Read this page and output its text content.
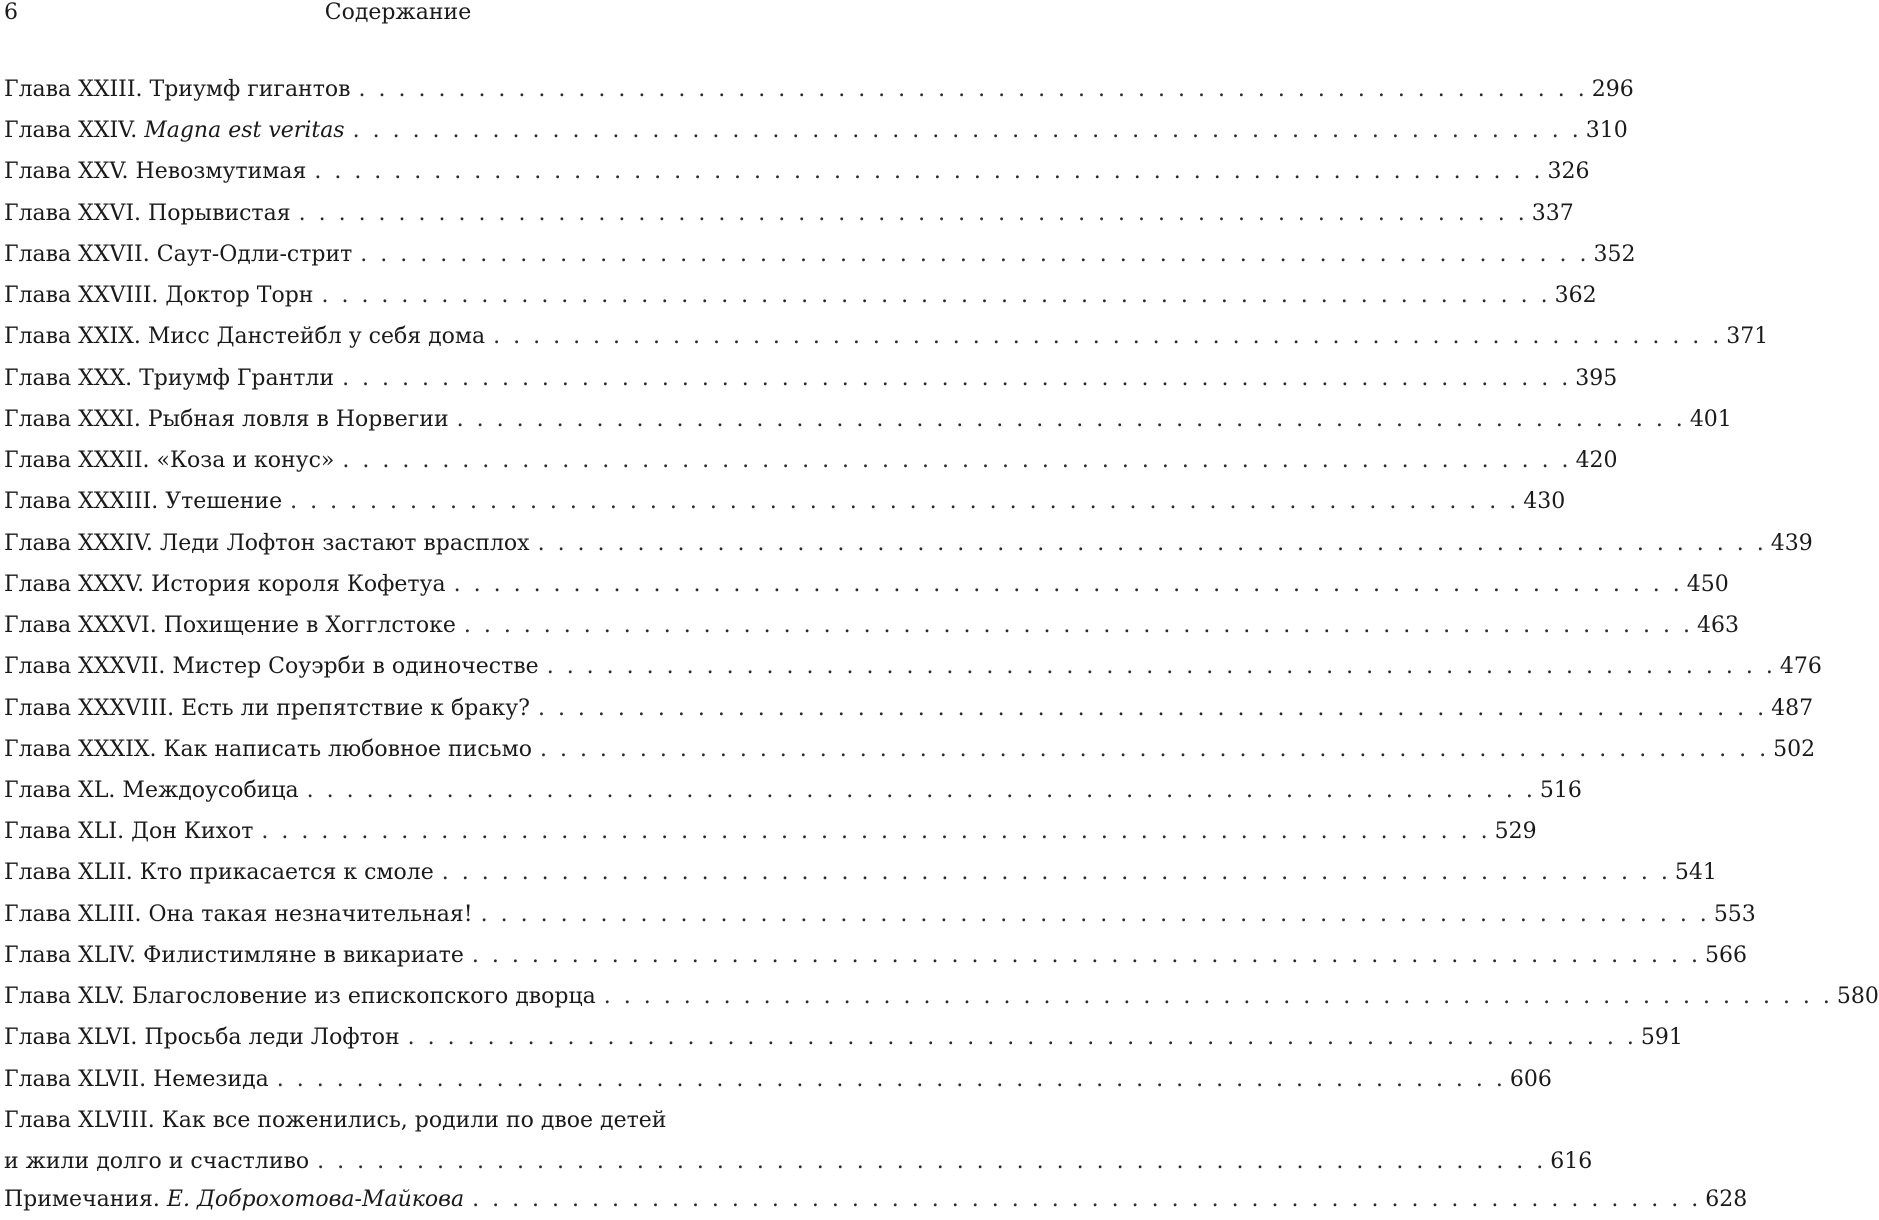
6	Содержание
Глава XXIII. Триумф гигантов . . . . . . . . . . . . . . . . . . . . . . . . . . . . . . . . . . . . . . . . . . . . . . . . . . . . . . . . . . . . . . 296
Глава XXIV. Magna est veritas . . . . . . . . . . . . . . . . . . . . . . . . . . . . . . . . . . . . . . . . . . . . . . . . . . . . . . . . . . . . . . 310
Глава XXV. Невозмутимая . . . . . . . . . . . . . . . . . . . . . . . . . . . . . . . . . . . . . . . . . . . . . . . . . . . . . . . . . . . . . . 326
Глава XXVI. Порывистая . . . . . . . . . . . . . . . . . . . . . . . . . . . . . . . . . . . . . . . . . . . . . . . . . . . . . . . . . . . . . . 337
Глава XXVII. Саут-Одли-стрит . . . . . . . . . . . . . . . . . . . . . . . . . . . . . . . . . . . . . . . . . . . . . . . . . . . . . . . . . . . . . . 352
Глава XXVIII. Доктор Торн . . . . . . . . . . . . . . . . . . . . . . . . . . . . . . . . . . . . . . . . . . . . . . . . . . . . . . . . . . . . . . 362
Глава XXIX. Мисс Данстейбл у себя дома . . . . . . . . . . . . . . . . . . . . . . . . . . . . . . . . . . . . . . . . . . . . . . . . . . . . . . . . . . . . . . 371
Глава XXX. Триумф Грантли . . . . . . . . . . . . . . . . . . . . . . . . . . . . . . . . . . . . . . . . . . . . . . . . . . . . . . . . . . . . . . 395
Глава XXXI. Рыбная ловля в Норвегии . . . . . . . . . . . . . . . . . . . . . . . . . . . . . . . . . . . . . . . . . . . . . . . . . . . . . . . . . . . . . . 401
Глава XXXII. «Коза и конус» . . . . . . . . . . . . . . . . . . . . . . . . . . . . . . . . . . . . . . . . . . . . . . . . . . . . . . . . . . . . . . 420
Глава XXXIII. Утешение . . . . . . . . . . . . . . . . . . . . . . . . . . . . . . . . . . . . . . . . . . . . . . . . . . . . . . . . . . . . . . 430
Глава XXXIV. Леди Лофтон застают врасплох . . . . . . . . . . . . . . . . . . . . . . . . . . . . . . . . . . . . . . . . . . . . . . . . . . . . . . . . . . . . . . 439
Глава XXXV. История короля Кофетуа . . . . . . . . . . . . . . . . . . . . . . . . . . . . . . . . . . . . . . . . . . . . . . . . . . . . . . . . . . . . . . 450
Глава XXXVI. Похищение в Хогглстоке . . . . . . . . . . . . . . . . . . . . . . . . . . . . . . . . . . . . . . . . . . . . . . . . . . . . . . . . . . . . . . 463
Глава XXXVII. Мистер Соуэрби в одиночестве . . . . . . . . . . . . . . . . . . . . . . . . . . . . . . . . . . . . . . . . . . . . . . . . . . . . . . . . . . . . . . 476
Глава XXXVIII. Есть ли препятствие к браку? . . . . . . . . . . . . . . . . . . . . . . . . . . . . . . . . . . . . . . . . . . . . . . . . . . . . . . . . . . . . . . 487
Глава XXXIX. Как написать любовное письмо . . . . . . . . . . . . . . . . . . . . . . . . . . . . . . . . . . . . . . . . . . . . . . . . . . . . . . . . . . . . . . 502
Глава XL. Междоусобица . . . . . . . . . . . . . . . . . . . . . . . . . . . . . . . . . . . . . . . . . . . . . . . . . . . . . . . . . . . . . . 516
Глава XLI. Дон Кихот . . . . . . . . . . . . . . . . . . . . . . . . . . . . . . . . . . . . . . . . . . . . . . . . . . . . . . . . . . . . . . 529
Глава XLII. Кто прикасается к смоле . . . . . . . . . . . . . . . . . . . . . . . . . . . . . . . . . . . . . . . . . . . . . . . . . . . . . . . . . . . . . . 541
Глава XLIII. Она такая незначительная! . . . . . . . . . . . . . . . . . . . . . . . . . . . . . . . . . . . . . . . . . . . . . . . . . . . . . . . . . . . . . . 553
Глава XLIV. Филистимляне в викариате . . . . . . . . . . . . . . . . . . . . . . . . . . . . . . . . . . . . . . . . . . . . . . . . . . . . . . . . . . . . . . 566
Глава XLV. Благословение из епископского дворца . . . . . . . . . . . . . . . . . . . . . . . . . . . . . . . . . . . . . . . . . . . . . . . . . . . . . . . . . . . . . . 580
Глава XLVI. Просьба леди Лофтон . . . . . . . . . . . . . . . . . . . . . . . . . . . . . . . . . . . . . . . . . . . . . . . . . . . . . . . . . . . . . . 591
Глава XLVII. Немезида . . . . . . . . . . . . . . . . . . . . . . . . . . . . . . . . . . . . . . . . . . . . . . . . . . . . . . . . . . . . . . 606
Глава XLVIII. Как все поженились, родили по двое детей
и жили долго и счастливо . . . . . . . . . . . . . . . . . . . . . . . . . . . . . . . . . . . . . . . . . . . . . . . . . . . . . . . . . . . . . . 616
Примечания. Е. Доброхотова-Майкова . . . . . . . . . . . . . . . . . . . . . . . . . . . . . . . . . . . . . . . . . . . . . . . . . . . . . . . . . . . . . . 628
